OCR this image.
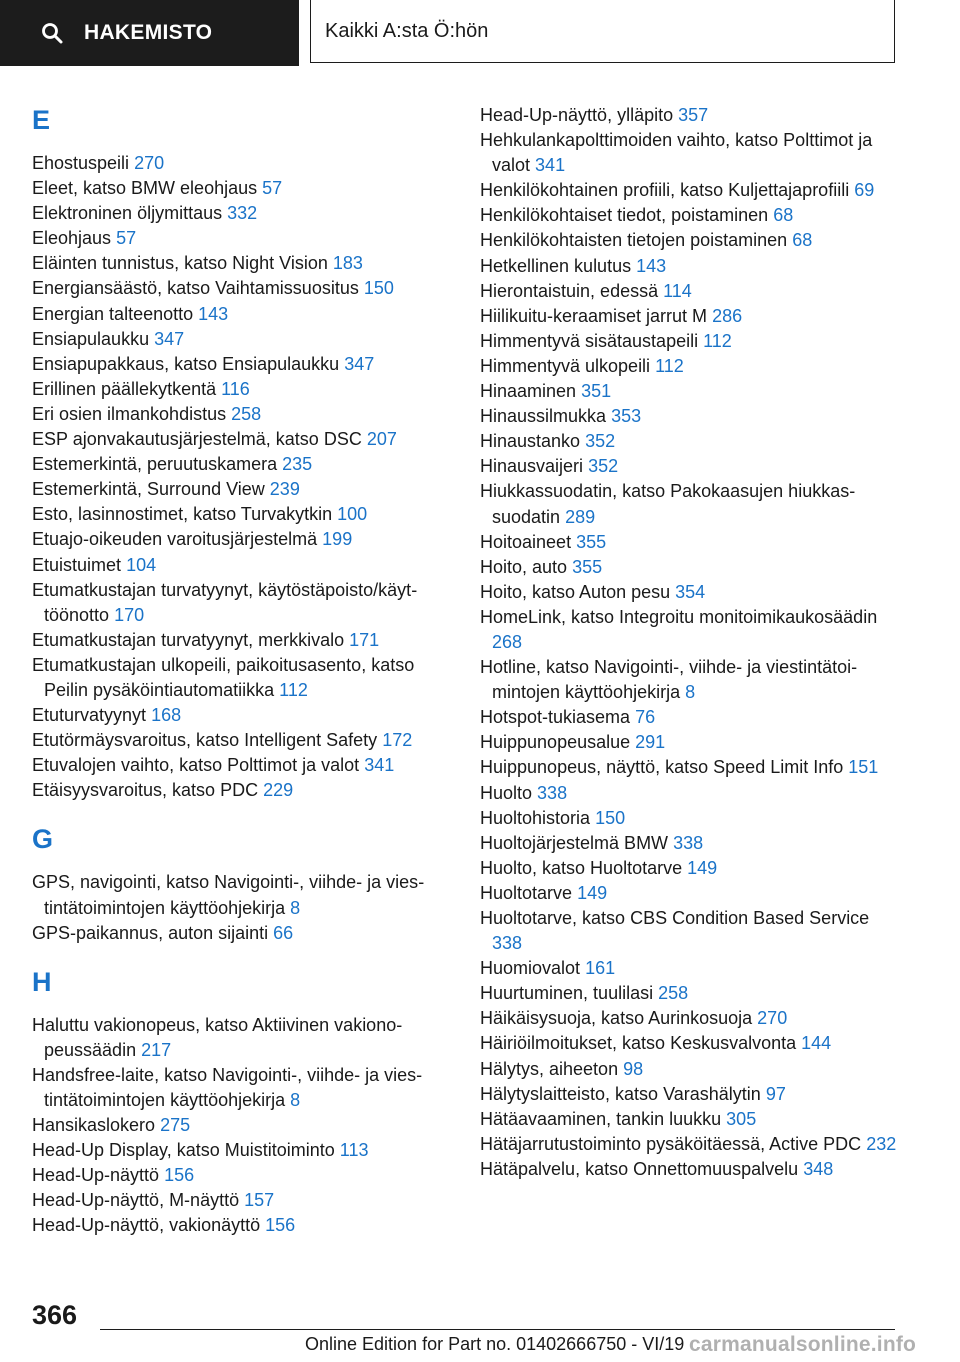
HAKEMISTO	Kaikki A:sta Ö:hön
E
Ehostuspeili 270
Eleet, katso BMW eleohjaus 57
Elektroninen öljymittaus 332
Eleohjaus 57
Eläinten tunnistus, katso Night Vision 183
Energiansäästö, katso Vaihtamissuositus 150
Energian talteenotto 143
Ensiapulaukku 347
Ensiapupakkaus, katso Ensiapulaukku 347
Erillinen päällekytkentä 116
Eri osien ilmankohdistus 258
ESP ajonvakautusjärjestelmä, katso DSC 207
Estemerkintä, peruutuskamera 235
Estemerkintä, Surround View 239
Esto, lasinnostimet, katso Turvakytkin 100
Etuajo-oikeuden varoitusjärjestelmä 199
Etuistuimet 104
Etumatkustajan turvatyynyt, käytöstäpoisto/käyttöönotto 170
Etumatkustajan turvatyynyt, merkkivalo 171
Etumatkustajan ulkopeili, paikoitusasento, katso Peilin pysäköintiautomatiikka 112
Etuturvatyynyt 168
Etutörmäysvaroitus, katso Intelligent Safety 172
Etuvalojen vaihto, katso Polttimot ja valot 341
Etäisyysvaroitus, katso PDC 229
G
GPS, navigointi, katso Navigointi-, viihde- ja viestintätoimintojen käyttöohjekirja 8
GPS-paikannus, auton sijainti 66
H
Haluttu vakionopeus, katso Aktiivinen vakionopeussäädin 217
Handsfree-laite, katso Navigointi-, viihde- ja viestintätoimintojen käyttöohjekirja 8
Hansikaslokero 275
Head-Up Display, katso Muistitoiminto 113
Head-Up-näyttö 156
Head-Up-näyttö, M-näyttö 157
Head-Up-näyttö, vakionäyttö 156
Head-Up-näyttö, ylläpito 357
Hehkulankapolttimoiden vaihto, katso Polttimot ja valot 341
Henkilökohtainen profiili, katso Kuljettajaprofiili 69
Henkilökohtaiset tiedot, poistaminen 68
Henkilökohtaisten tietojen poistaminen 68
Hetkellinen kulutus 143
Hierontaistuin, edessä 114
Hiilikuitu-keraamiset jarrut M 286
Himmentyvä sisätaustapeili 112
Himmentyvä ulkopeili 112
Hinaaminen 351
Hinaussilmukka 353
Hinaustanko 352
Hinausvaijeri 352
Hiukkassuodatin, katso Pakokaasujen hiukkassuodatin 289
Hoitoaineet 355
Hoito, auto 355
Hoito, katso Auton pesu 354
HomeLink, katso Integroitu monitoimikaukosäädin 268
Hotline, katso Navigointi-, viihde- ja viestintätoimintojen käyttöohjekirja 8
Hotspot-tukiasema 76
Huippunopeusalue 291
Huippunopeus, näyttö, katso Speed Limit Info 151
Huolto 338
Huoltohistoria 150
Huoltojärjestelmä BMW 338
Huolto, katso Huoltotarve 149
Huoltotarve 149
Huoltotarve, katso CBS Condition Based Service 338
Huomiovalot 161
Huurtuminen, tuulilasi 258
Häikäisysuoja, katso Aurinkosuoja 270
Häiriöilmoitukset, katso Keskusvalvonta 144
Hälytys, aiheeton 98
Hälytyslaitteisto, katso Varashälytin 97
Hätäavaaminen, tankin luukku 305
Hätäjarrutustoiminto pysäköitäessä, Active PDC 232
Hätäpalvelu, katso Onnettomuuspalvelu 348
366
Online Edition for Part no. 01402666750 - VI/19 carmanualsonline.info
